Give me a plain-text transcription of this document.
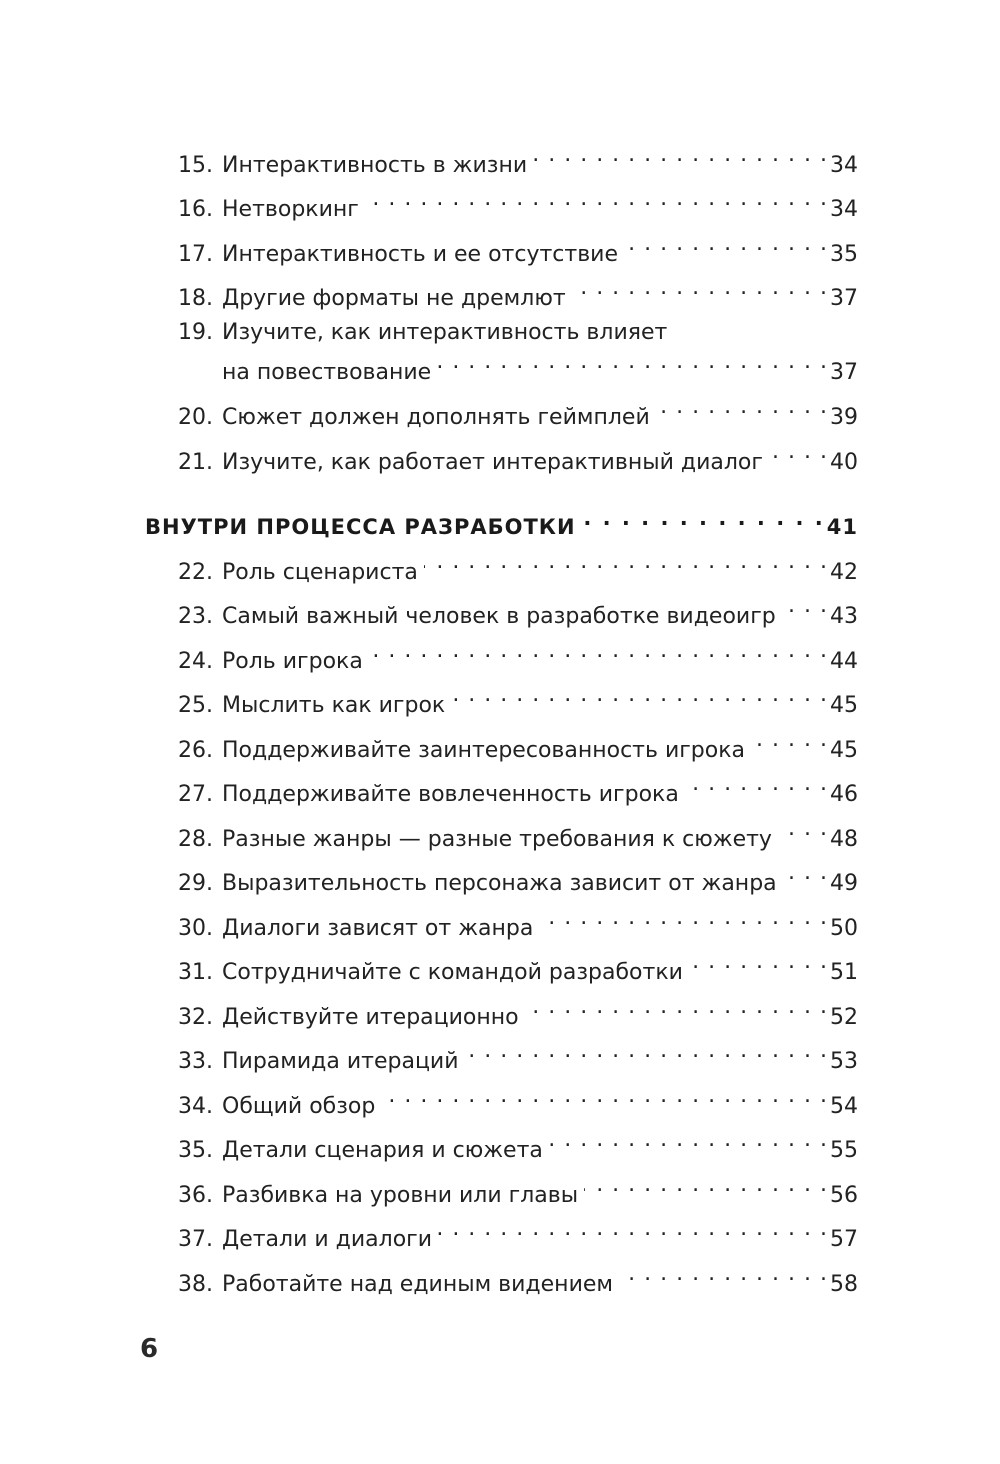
15. Интерактивность в жизни . . .	34
16. Нетворкинг . . .	34
17. Интерактивность и ее отсутствие . . .	35
18. Другие форматы не дремлют . . .	37
19. Изучите, как интерактивность влияет
на повествование . . .	37
20. Сюжет должен дополнять геймплей . . .	39
21. Изучите, как работает интерактивный диалог . . .	40
ВНУТРИ ПРОЦЕССА РАЗРАБОТКИ . . .	41
22. Роль сценариста . . .	42
23. Самый важный человек в разработке видеоигр . . . 43
24. Роль игрока . . .	44
25. Мыслить как игрок . . .	45
26. Поддерживайте заинтересованность игрока . . .	45
27. Поддерживайте вовлеченность игрока . . .	46
28. Разные жанры — разные требования к сюжету . . .	48
29. Выразительность персонажа зависит от жанра . . . 49
30. Диалоги зависят от жанра . . .	50
31. Сотрудничайте с командой разработки . . .	51
32. Действуйте итерационно . . .	52
33. Пирамида итераций . . .	53
34. Общий обзор . . .	54
35. Детали сценария и сюжета . . .	55
36. Разбивка на уровни или главы . . .	56
37. Детали и диалоги . . .	57
38. Работайте над единым видением . . .	58
6
